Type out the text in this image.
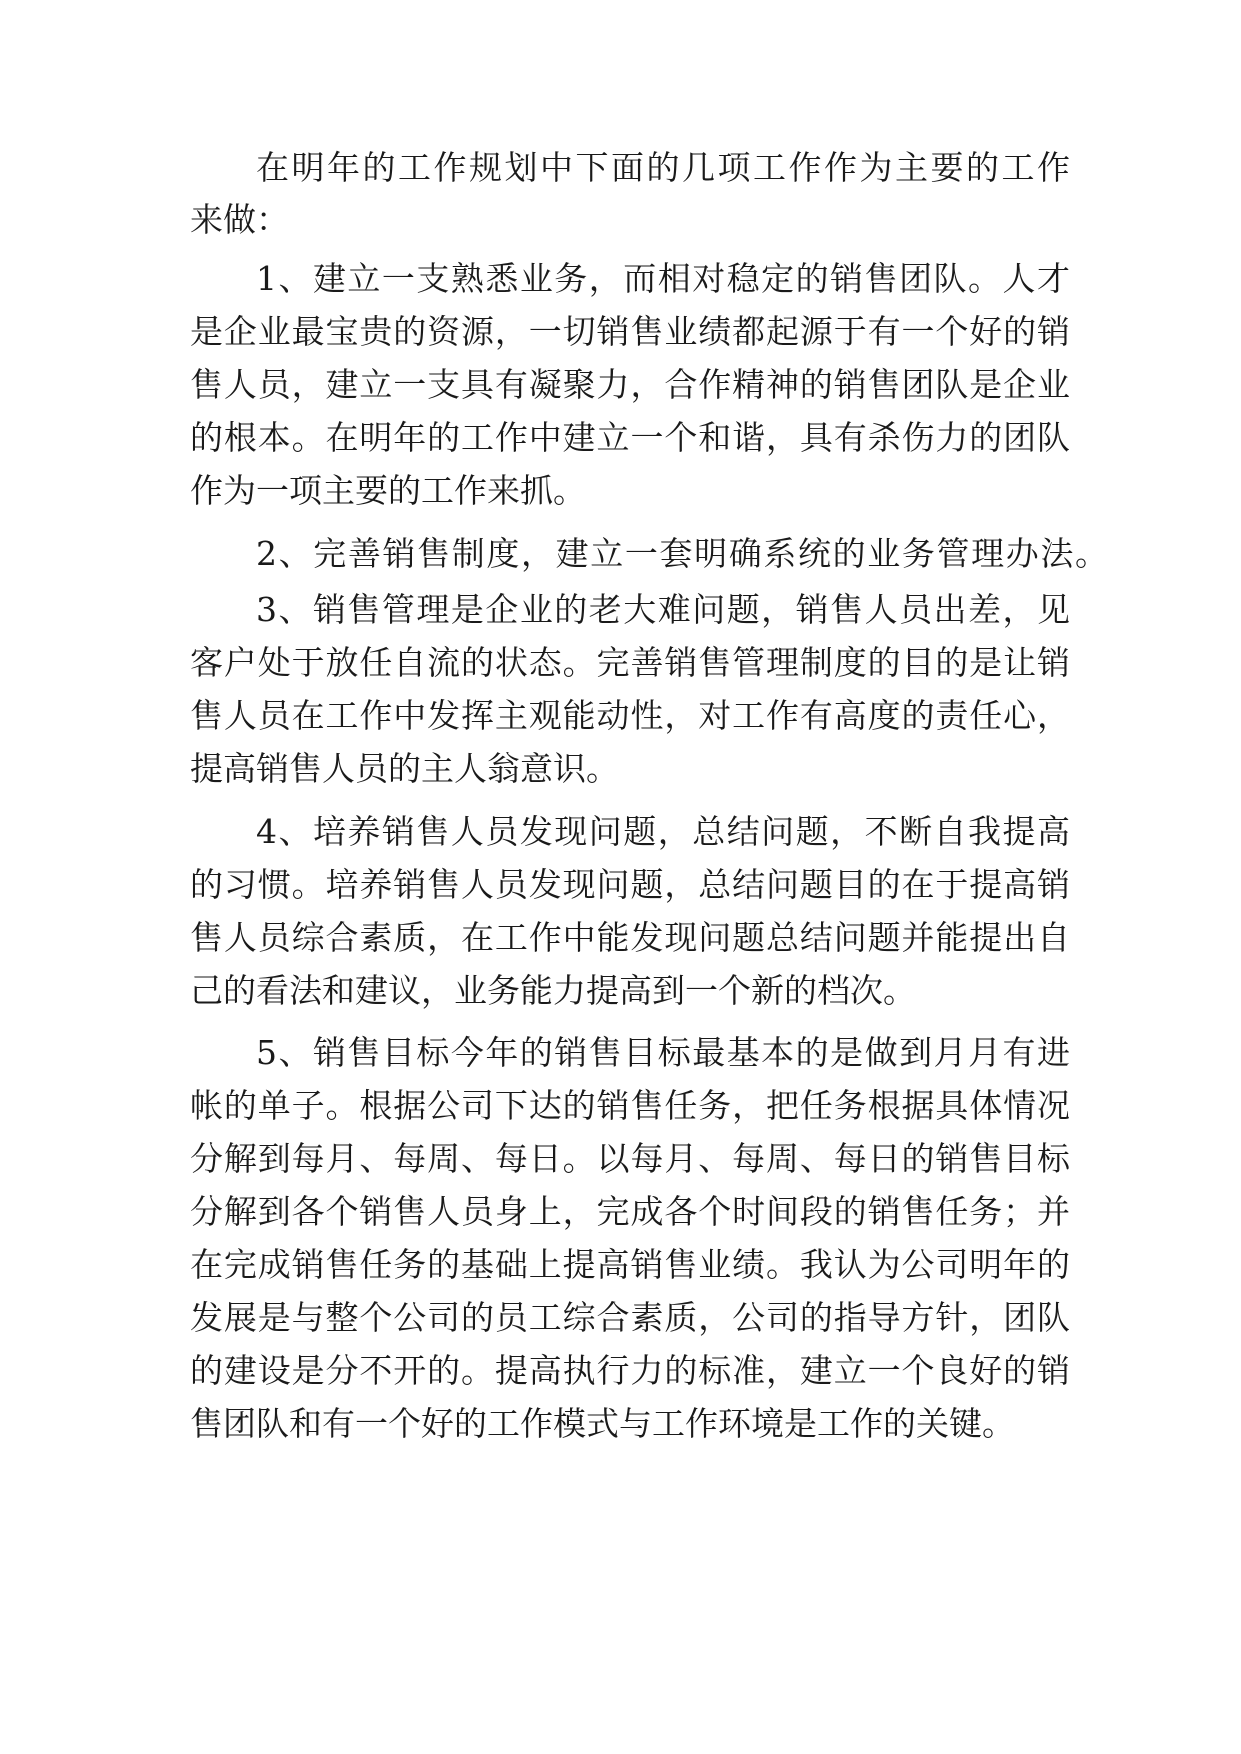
在明年的工作规划中下面的几项工作作为主要的工作

来做：

1、建立一支熟悉业务，而相对稳定的销售团队。人才

是企业最宝贵的资源，一切销售业绩都起源于有一个好的销

售人员，建立一支具有凝聚力，合作精神的销售团队是企业

的根本。在明年的工作中建立一个和谐，具有杀伤力的团队

作为一项主要的工作来抓。

2、完善销售制度，建立一套明确系统的业务管理办法。

3、销售管理是企业的老大难问题，销售人员出差，见

客户处于放任自流的状态。完善销售管理制度的目的是让销

售人员在工作中发挥主观能动性，对工作有高度的责任心，

提高销售人员的主人翁意识。

4、培养销售人员发现问题，总结问题，不断自我提高

的习惯。培养销售人员发现问题，总结问题目的在于提高销

售人员综合素质，在工作中能发现问题总结问题并能提出自

己的看法和建议，业务能力提高到一个新的档次。

5、销售目标今年的销售目标最基本的是做到月月有进

帐的单子。根据公司下达的销售任务，把任务根据具体情况

分解到每月、每周、每日。以每月、每周、每日的销售目标

分解到各个销售人员身上，完成各个时间段的销售任务；并

在完成销售任务的基础上提高销售业绩。我认为公司明年的

发展是与整个公司的员工综合素质，公司的指导方针，团队

的建设是分不开的。提高执行力的标准，建立一个良好的销

售团队和有一个好的工作模式与工作环境是工作的关键。
